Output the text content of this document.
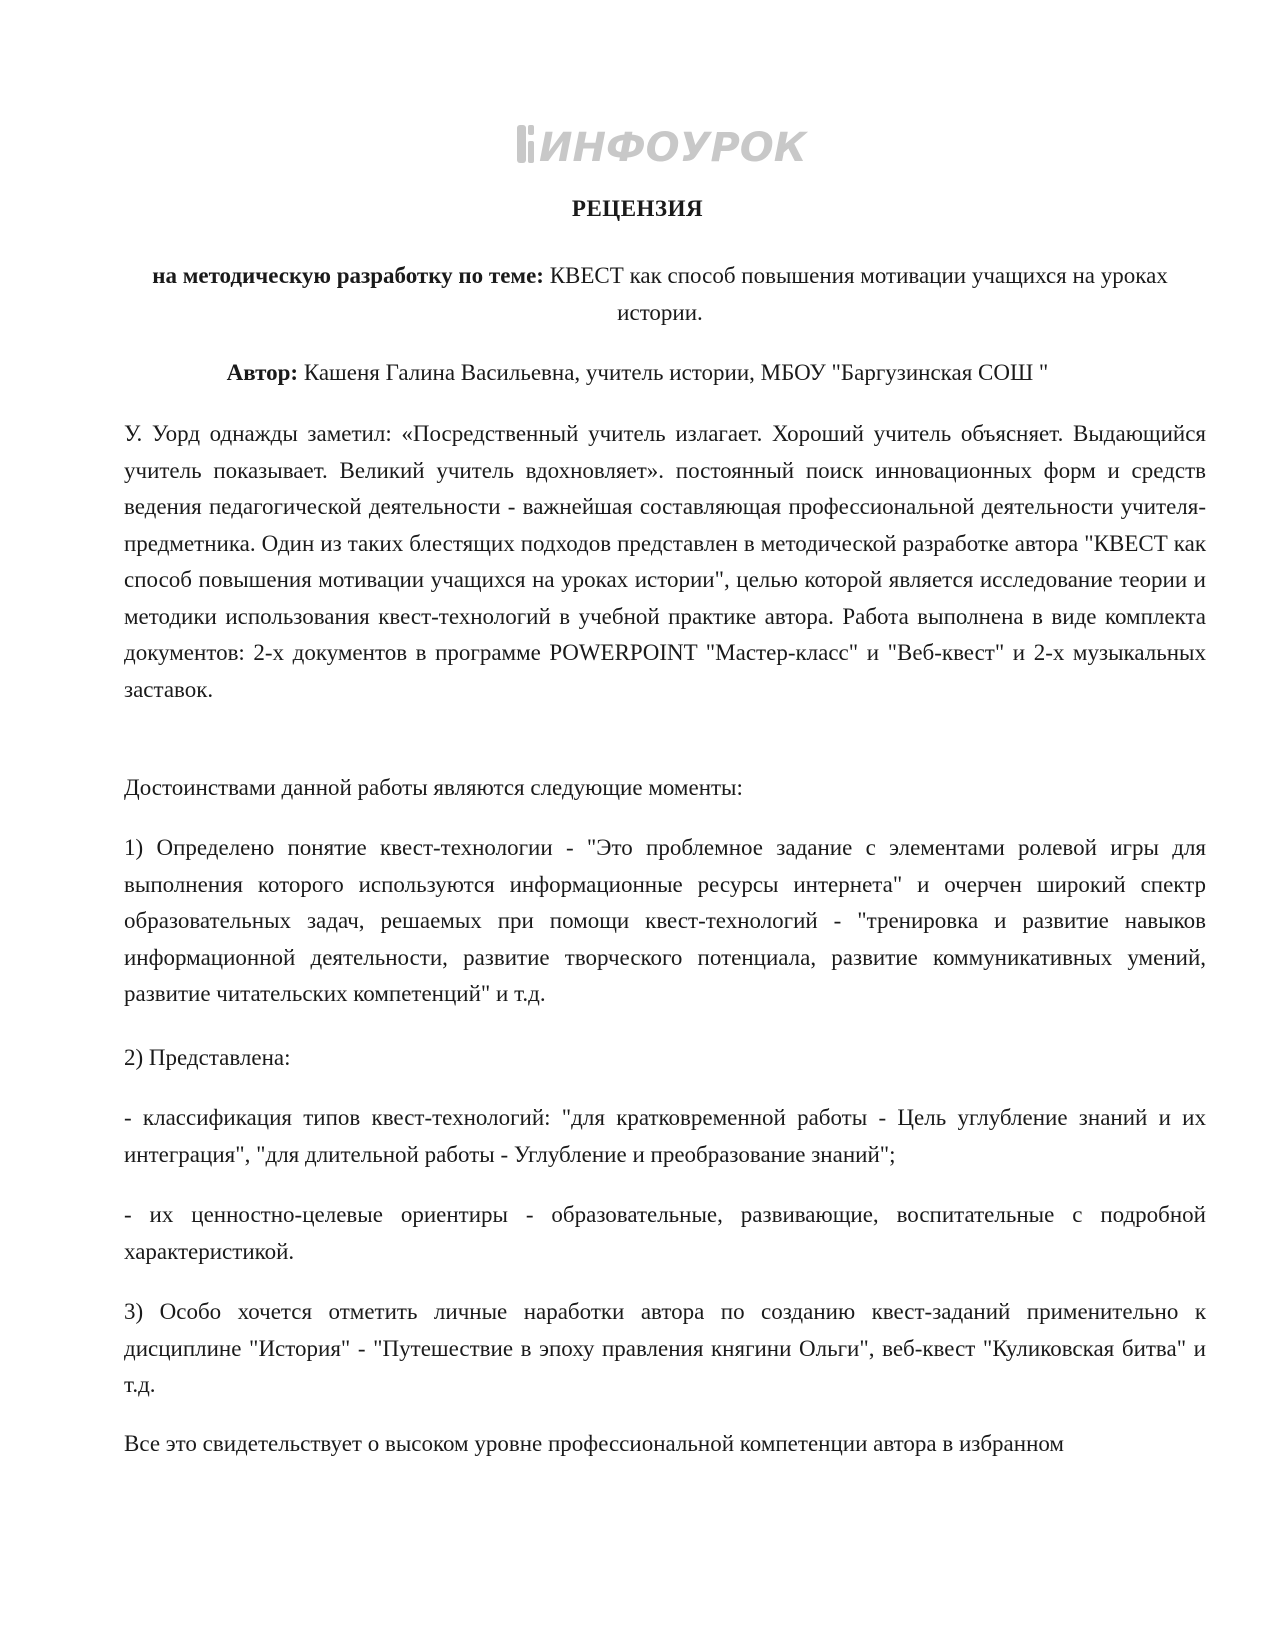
ИНФОУРОК
РЕЦЕНЗИЯ
на методическую разработку по теме: КВЕСТ как способ повышения мотивации учащихся на уроках истории.
Автор: Кашеня Галина Васильевна, учитель истории, МБОУ "Баргузинская СОШ "

У. Уорд однажды заметил: «Посредственный учитель излагает. Хороший учитель объясняет. Выдающийся учитель показывает. Великий учитель вдохновляет». постоянный поиск инновационных форм и средств ведения педагогической деятельности - важнейшая составляющая профессиональной деятельности учителя-предметника. Один из таких блестящих подходов представлен в методической разработке автора "КВЕСТ как способ повышения мотивации учащихся на уроках истории", целью которой является исследование теории и методики использования квест-технологий в учебной практике автора. Работа выполнена в виде комплекта документов: 2-х документов в программе POWERPOINT "Мастер-класс" и "Веб-квест" и 2-х музыкальных заставок.

Достоинствами данной работы являются следующие моменты:

1) Определено понятие квест-технологии - "Это проблемное задание с элементами ролевой игры для выполнения которого используются информационные ресурсы интернета" и очерчен широкий спектр образовательных задач, решаемых при помощи квест-технологий - "тренировка и развитие навыков информационной деятельности, развитие творческого потенциала, развитие коммуникативных умений, развитие читательских компетенций" и т.д.

2) Представлена:

- классификация типов квест-технологий: "для кратковременной работы - Цель углубление знаний и их интеграция", "для длительной работы - Углубление и преобразование знаний";

- их ценностно-целевые ориентиры - образовательные, развивающие, воспитательные с подробной характеристикой.

3) Особо хочется отметить личные наработки автора по созданию квест-заданий применительно к дисциплине "История" - "Путешествие в эпоху правления княгини Ольги", веб-квест "Куликовская битва" и т.д.

Все это свидетельствует о высоком уровне профессиональной компетенции автора в избранном
